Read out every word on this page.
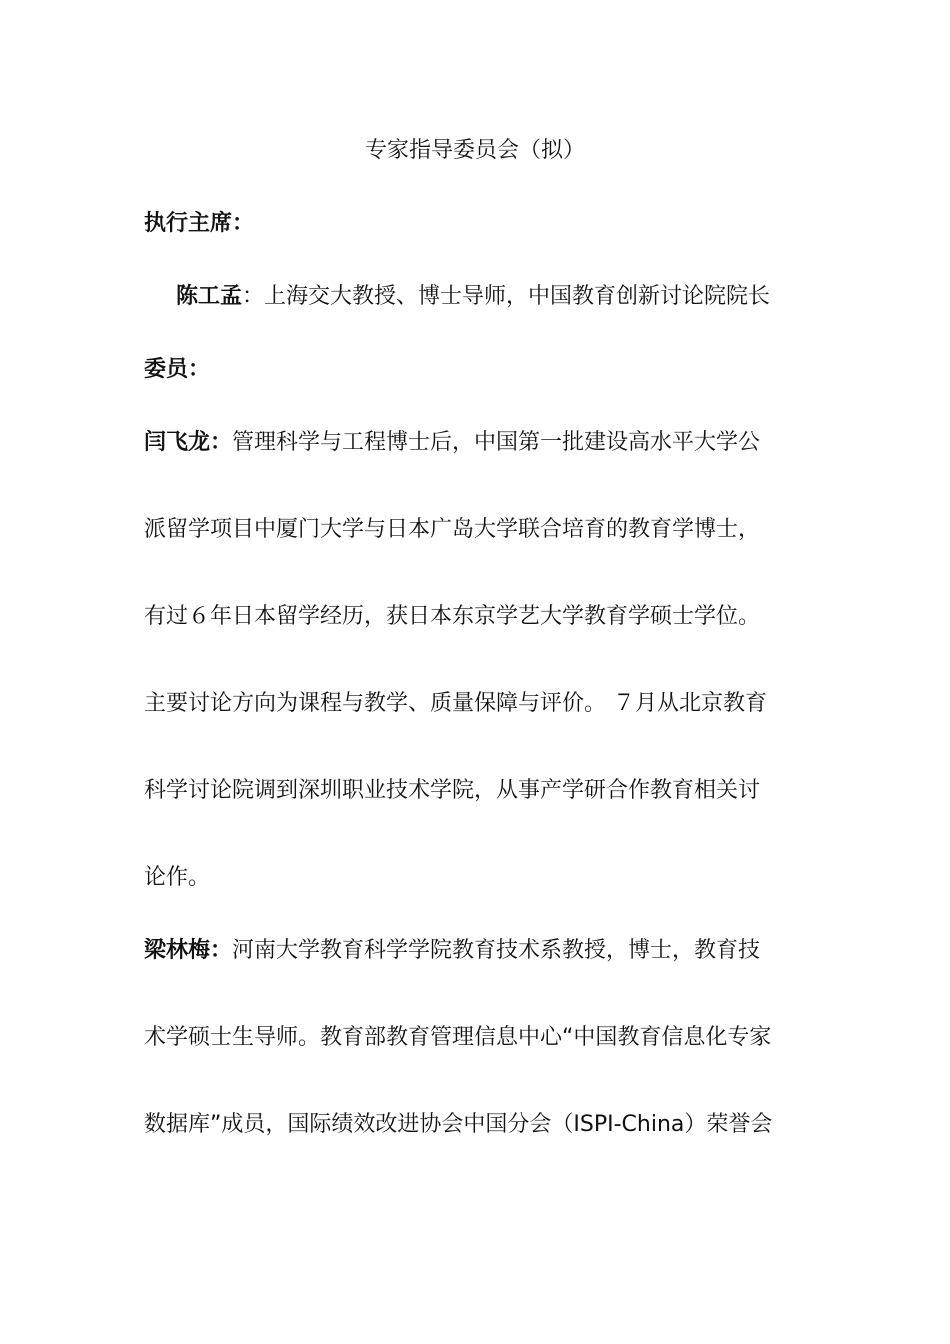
专家指导委员会（拟）
执行主席：
陈工孟：上海交大教授、博士导师，中国教育创新讨论院院长
委员：
闫飞龙：管理科学与工程博士后，中国第一批建设高水平大学公
派留学项目中厦门大学与日本广岛大学联合培育的教育学博士，
有过６年日本留学经历，获日本东京学艺大学教育学硕士学位。
主要讨论方向为课程与教学、质量保障与评价。 ７月从北京教育
科学讨论院调到深圳职业技术学院，从事产学研合作教育相关讨
论作。
梁林梅：河南大学教育科学学院教育技术系教授，博士，教育技
术学硕士生导师。教育部教育管理信息中心“中国教育信息化专家
数据库”成员，国际绩效改进协会中国分会（ISPI-China）荣誉会
